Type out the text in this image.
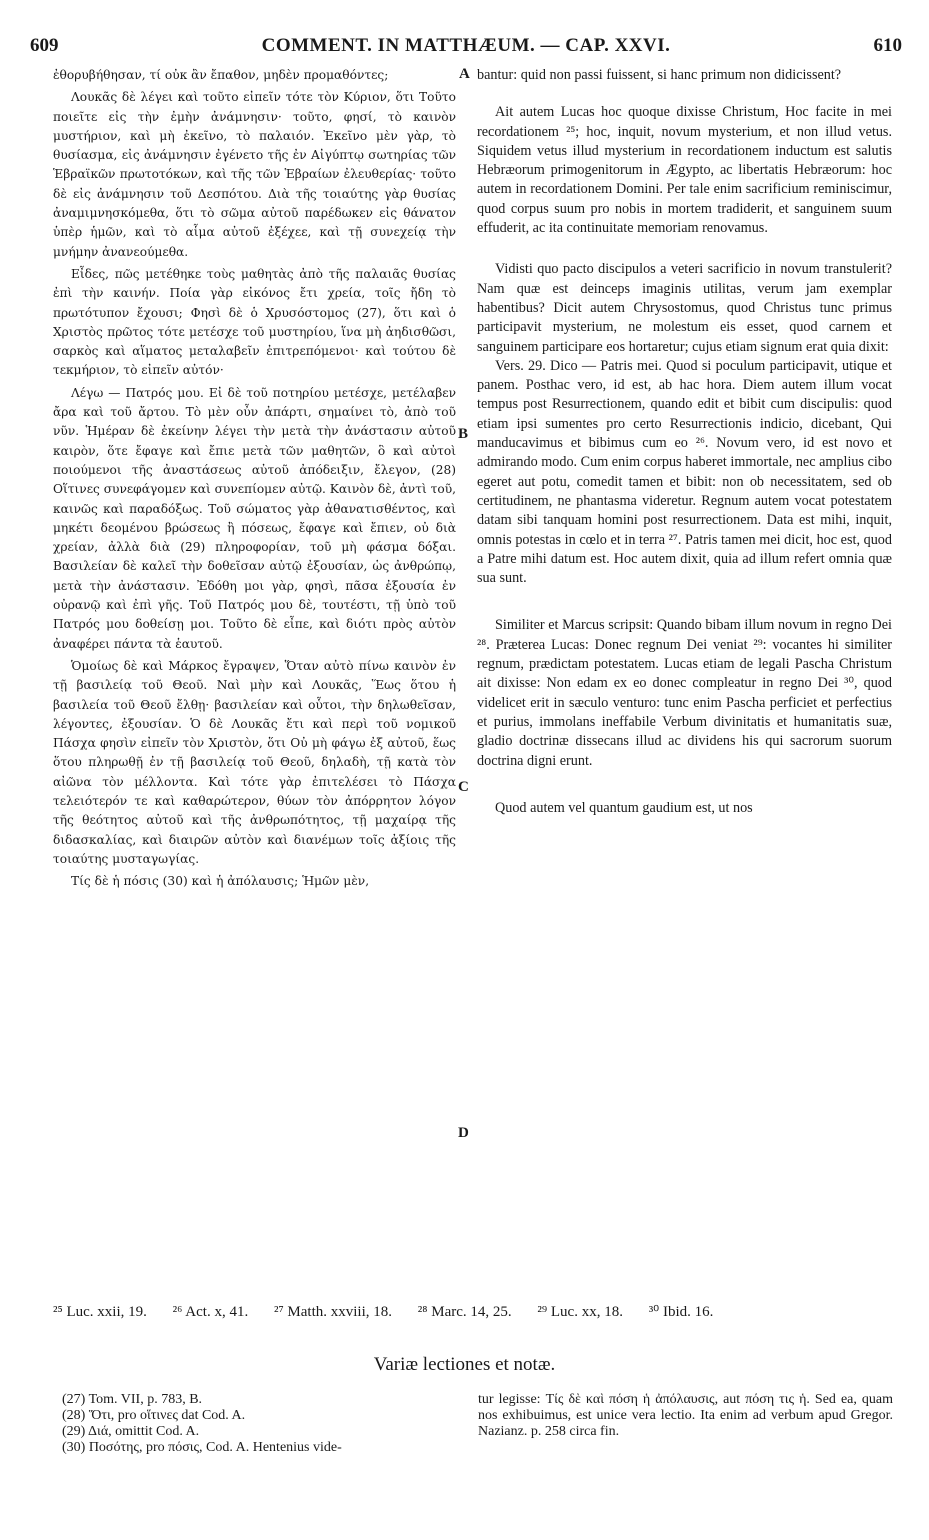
609	COMMENT. IN MATTHÆUM. — CAP. XXVI.	610

ἐθορυβήθησαν, τί οὐκ ἂν ἔπαθον, μηδὲν προμαθόντες;

Λουκᾶς δὲ λέγει καὶ τοῦτο εἰπεῖν τότε τὸν Κύριον, ὅτι Τοῦτο ποιεῖτε εἰς τὴν ἐμὴν ἀνάμνησιν· τοῦτο, φησί, τὸ καινὸν μυστήριον, καὶ μὴ ἐκεῖνο, τὸ παλαιόν. Ἐκεῖνο μὲν γὰρ, τὸ θυσίασμα, εἰς ἀνάμνησιν ἐγένετο τῆς ἐν Αἰγύπτῳ σωτηρίας τῶν Ἑβραϊκῶν πρωτοτόκων, καὶ τῆς τῶν Ἑβραίων ἐλευθερίας· τοῦτο δὲ εἰς ἀνάμνησιν τοῦ Δεσπότου. Διὰ τῆς τοιαύτης γὰρ θυσίας ἀναμιμνησκόμεθα, ὅτι τὸ σῶμα αὐτοῦ παρέδωκεν εἰς θάνατον ὑπὲρ ἡμῶν, καὶ τὸ αἷμα αὐτοῦ ἐξέχεε, καὶ τῇ συνεχείᾳ τὴν μνήμην ἀνανεούμεθα.

Εἶδες, πῶς μετέθηκε τοὺς μαθητὰς ἀπὸ τῆς παλαιᾶς θυσίας ἐπὶ τὴν καινήν. Ποία γὰρ εἰκόνος ἔτι χρεία, τοῖς ἤδη τὸ πρωτότυπον ἔχουσι; Φησὶ δὲ ὁ Χρυσόστομος (27), ὅτι καὶ ὁ Χριστὸς πρῶτος τότε μετέσχε τοῦ μυστηρίου, ἵνα μὴ ἀηδισθῶσι, σαρκὸς καὶ αἵματος μεταλαβεῖν ἐπιτρεπόμενοι· καὶ τούτου δὲ τεκμήριον, τὸ εἰπεῖν αὐτόν·

Λέγω — Πατρός μου. Εἰ δὲ τοῦ ποτηρίου μετέσχε, μετέλαβεν ἄρα καὶ τοῦ ἄρτου. Τὸ μὲν οὖν ἀπάρτι, σημαίνει τὸ, ἀπὸ τοῦ νῦν. Ἡμέραν δὲ ἐκείνην λέγει τὴν μετὰ τὴν ἀνάστασιν αὐτοῦ καιρὸν, ὅτε ἔφαγε καὶ ἔπιε μετὰ τῶν μαθητῶν, ὃ καὶ αὐτοὶ ποιούμενοι τῆς ἀναστάσεως αὐτοῦ ἀπόδειξιν, ἔλεγον, (28) Οἵτινες συνεφάγομεν καὶ συνεπίομεν αὐτῷ. Καινὸν δὲ, ἀντὶ τοῦ, καινῶς καὶ παραδόξως. Τοῦ σώματος γὰρ ἀθανατισθέντος, καὶ μηκέτι δεομένου βρώσεως ἢ πόσεως, ἔφαγε καὶ ἔπιεν, οὐ διὰ χρείαν, ἀλλὰ διὰ (29) πληροφορίαν, τοῦ μὴ φάσμα δόξαι. Βασιλείαν δὲ καλεῖ τὴν δοθεῖσαν αὐτῷ ἐξουσίαν, ὡς ἀνθρώπῳ, μετὰ τὴν ἀνάστασιν. Ἐδόθη μοι γὰρ, φησὶ, πᾶσα ἐξουσία ἐν οὐρανῷ καὶ ἐπὶ γῆς. Τοῦ Πατρός μου δὲ, τουτέστι, τῇ ὑπὸ τοῦ Πατρός μου δοθείσῃ μοι. Τοῦτο δὲ εἶπε, καὶ διότι πρὸς αὐτὸν ἀναφέρει πάντα τὰ ἑαυτοῦ.

Ὁμοίως δὲ καὶ Μάρκος ἔγραψεν, Ὅταν αὐτὸ πίνω καινὸν ἐν τῇ βασιλείᾳ τοῦ Θεοῦ. Ναὶ μὴν καὶ Λουκᾶς, Ἕως ὅτου ἡ βασιλεία τοῦ Θεοῦ ἔλθῃ· βασιλείαν καὶ οὗτοι, τὴν δηλωθεῖσαν, λέγοντες, ἐξουσίαν. Ὁ δὲ Λουκᾶς ἔτι καὶ περὶ τοῦ νομικοῦ Πάσχα φησὶν εἰπεῖν τὸν Χριστὸν, ὅτι Οὐ μὴ φάγω ἐξ αὐτοῦ, ἕως ὅτου πληρωθῇ ἐν τῇ βασιλείᾳ τοῦ Θεοῦ, δηλαδὴ, τῇ κατὰ τὸν αἰῶνα τὸν μέλλοντα. Καὶ τότε γὰρ ἐπιτελέσει τὸ Πάσχα τελειότερόν τε καὶ καθαρώτερον, θύων τὸν ἀπόρρητον λόγον τῆς θεότητος αὐτοῦ καὶ τῆς ἀνθρωπότητος, τῇ μαχαίρᾳ τῆς διδασκαλίας, καὶ διαιρῶν αὐτὸν καὶ διανέμων τοῖς ἀξίοις τῆς τοιαύτης μυσταγωγίας.

Τίς δὲ ἡ πόσις (30) καὶ ἡ ἀπόλαυσις; Ἡμῶν μὲν,

A
B
C
D

bantur: quid non passi fuissent, si hanc primum non didicissent?

Ait autem Lucas hoc quoque dixisse Christum, Hoc facite in mei recordationem ²⁵; hoc, inquit, novum mysterium, et non illud vetus. Siquidem vetus illud mysterium in recordationem inductum est salutis Hebræorum primogenitorum in Ægypto, ac libertatis Hebræorum: hoc autem in recordationem Domini. Per tale enim sacrificium reminiscimur, quod corpus suum pro nobis in mortem tradiderit, et sanguinem suum effuderit, ac ita continuitate memoriam renovamus.

Vidisti quo pacto discipulos a veteri sacrificio in novum transtulerit? Nam quæ est deinceps imaginis utilitas, verum jam exemplar habentibus? Dicit autem Chrysostomus, quod Christus tunc primus participavit mysterium, ne molestum eis esset, quod carnem et sanguinem participare eos hortaretur; cujus etiam signum erat quia dixit:

Vers. 29. Dico — Patris mei. Quod si poculum participavit, utique et panem. Posthac vero, id est, ab hac hora. Diem autem illum vocat tempus post Resurrectionem, quando edit et bibit cum discipulis: quod etiam ipsi sumentes pro certo Resurrectionis indicio, dicebant, Qui manducavimus et bibimus cum eo ²⁶. Novum vero, id est novo et admirando modo. Cum enim corpus haberet immortale, nec amplius cibo egeret aut potu, comedit tamen et bibit: non ob necessitatem, sed ob certitudinem, ne phantasma videretur. Regnum autem vocat potestatem datam sibi tanquam homini post resurrectionem. Data est mihi, inquit, omnis potestas in cœlo et in terra ²⁷. Patris tamen mei dicit, hoc est, quod a Patre mihi datum est. Hoc autem dixit, quia ad illum refert omnia quæ sua sunt.

Similiter et Marcus scripsit: Quando bibam illum novum in regno Dei ²⁸. Præterea Lucas: Donec regnum Dei veniat ²⁹: vocantes hi similiter regnum, prædictam potestatem. Lucas etiam de legali Pascha Christum ait dixisse: Non edam ex eo donec compleatur in regno Dei ³⁰, quod videlicet erit in sæculo venturo: tunc enim Pascha perficiet et perfectius et purius, immolans ineffabile Verbum divinitatis et humanitatis suæ, gladio doctrinæ dissecans illud ac dividens his qui sacrorum suorum doctrina digni erunt.

Quod autem vel quantum gaudium est, ut nos

²⁵ Luc. xxii, 19. ²⁶ Act. x, 41. ²⁷ Matth. xxviii, 18. ²⁸ Marc. 14, 25. ²⁹ Luc. xx, 18. ³⁰ Ibid. 16.
Variæ lectiones et notæ.
(27) Tom. VII, p. 783, B.
(28) Ὅτι, pro οἵτινες dat Cod. A.
(29) Διά, omittit Cod. A.
(30) Ποσότης, pro πόσις, Cod. A. Hentenius vide-
tur legisse: Τίς δὲ καὶ πόση ἡ ἀπόλαυσις, aut πόση τις ἡ. Sed ea, quam nos exhibuimus, est unice vera lectio. Ita enim ad verbum apud Gregor. Nazianz. p. 258 circa fin.
